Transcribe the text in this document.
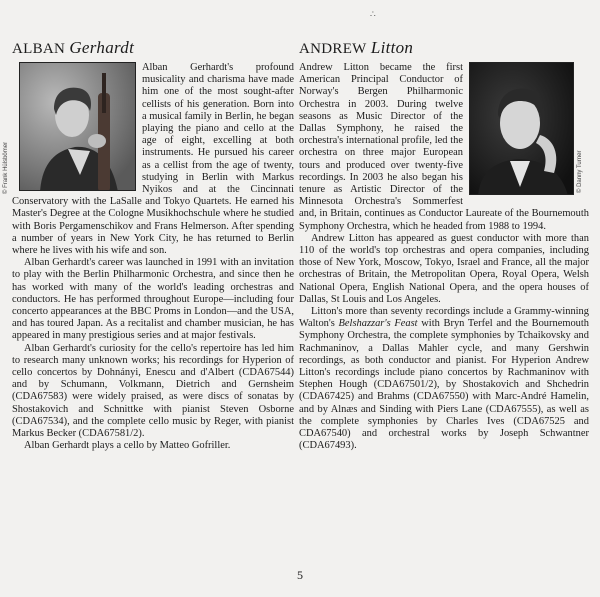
∴
© Frank Hülsbömer	© Danny Turner
ALBAN Gerhardt

Alban Gerhardt's profound musicality and charisma have made him one of the most sought-after cellists of his generation. Born into a musical family in Berlin, he began playing the piano and cello at the age of eight, excelling at both instruments. He pursued his career as a cellist from the age of twenty, studying in Berlin with Markus Nyikos and at the Cincinnati Conservatory with the LaSalle and Tokyo Quartets. He earned his Master's Degree at the Cologne Musikhochschule where he studied with Boris Pergamenschikov and Frans Helmerson. After spending a number of years in New York City, he has returned to Berlin where he lives with his wife and son.

Alban Gerhardt's career was launched in 1991 with an invitation to play with the Berlin Philharmonic Orchestra, and since then he has worked with many of the world's leading orchestras and conductors. He has performed throughout Europe—including four concerto appearances at the BBC Proms in London—and the USA, and has toured Japan. As a recitalist and chamber musician, he has appeared in many prestigious series and at major festivals.

Alban Gerhardt's curiosity for the cello's repertoire has led him to research many unknown works; his recordings for Hyperion of cello concertos by Dohnányi, Enescu and d'Albert (CDA67544) and by Schumann, Volkmann, Dietrich and Gernsheim (CDA67583) were widely praised, as were discs of sonatas by Shostakovich and Schnittke with pianist Steven Osborne (CDA67534), and the complete cello music by Reger, with pianist Markus Becker (CDA67581/2).

Alban Gerhardt plays a cello by Matteo Gofriller.

ANDREW Litton

Andrew Litton became the first American Principal Conductor of Norway's Bergen Philharmonic Orchestra in 2003. During twelve seasons as Music Director of the Dallas Symphony, he raised the orchestra's international profile, led the orchestra on three major European tours and produced over twenty-five recordings. In 2003 he also began his tenure as Artistic Director of the Minnesota Orchestra's Sommerfest and, in Britain, continues as Conductor Laureate of the Bournemouth Symphony Orchestra, which he headed from 1988 to 1994.

Andrew Litton has appeared as guest conductor with more than 110 of the world's top orchestras and opera companies, including those of New York, Moscow, Tokyo, Israel and France, all the major orchestras of Britain, the Metropolitan Opera, Royal Opera, Welsh National Opera, English National Opera, and the opera houses of Dallas, St Louis and Los Angeles.

Litton's more than seventy recordings include a Grammy-winning Walton's Belshazzar's Feast with Bryn Terfel and the Bournemouth Symphony Orchestra, the complete symphonies by Tchaikovsky and Rachmaninov, a Dallas Mahler cycle, and many Gershwin recordings, as both conductor and pianist. For Hyperion Andrew Litton's recordings include piano concertos by Rachmaninov with Stephen Hough (CDA67501/2), by Shostakovich and Shchedrin (CDA67425) and Brahms (CDA67550) with Marc-André Hamelin, and by Alnæs and Sinding with Piers Lane (CDA67555), as well as the complete symphonies by Charles Ives (CDA67525 and CDA67540) and orchestral works by Joseph Schwantner (CDA67493).

5
